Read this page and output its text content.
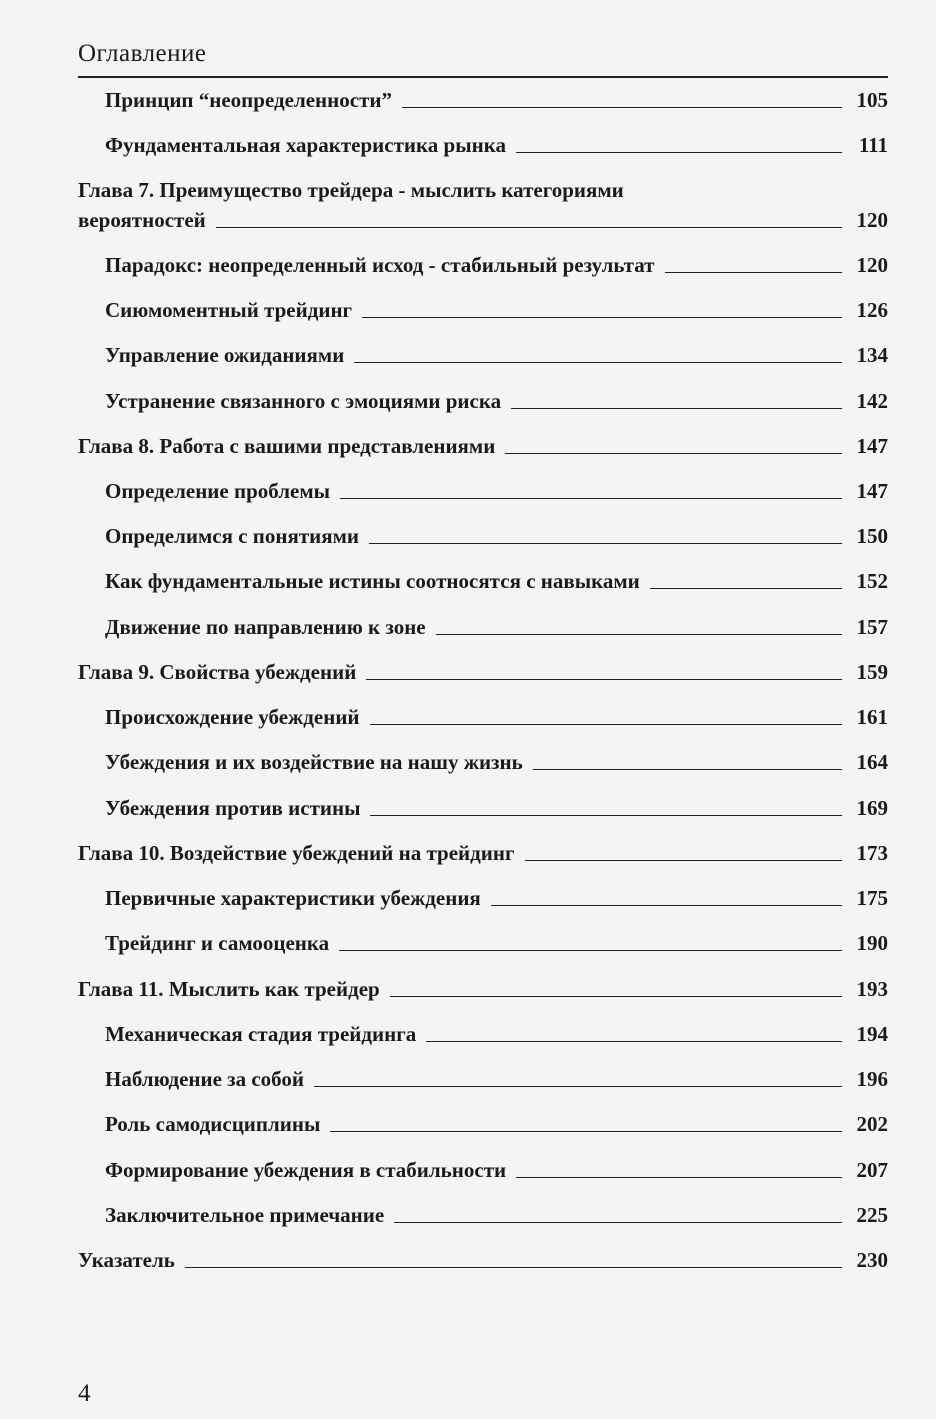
Оглавление
Принцип “неопределенности”	105
Фундаментальная характеристика рынка	111
Глава 7. Преимущество трейдера - мыслить категориями
вероятностей	120
Парадокс: неопределенный исход - стабильный результат	120
Сиюмоментный трейдинг	126
Управление ожиданиями	134
Устранение связанного с эмоциями риска	142
Глава 8. Работа с вашими представлениями	147
Определение проблемы	147
Определимся с понятиями	150
Как фундаментальные истины соотносятся с навыками	152
Движение по направлению к зоне	157
Глава 9. Свойства убеждений	159
Происхождение убеждений	161
Убеждения и их воздействие на нашу жизнь	164
Убеждения против истины	169
Глава 10. Воздействие убеждений на трейдинг	173
Первичные характеристики убеждения	175
Трейдинг и самооценка	190
Глава 11. Мыслить как трейдер	193
Механическая стадия трейдинга	194
Наблюдение за собой	196
Роль самодисциплины	202
Формирование убеждения в стабильности	207
Заключительное примечание	225
Указатель	230
4
